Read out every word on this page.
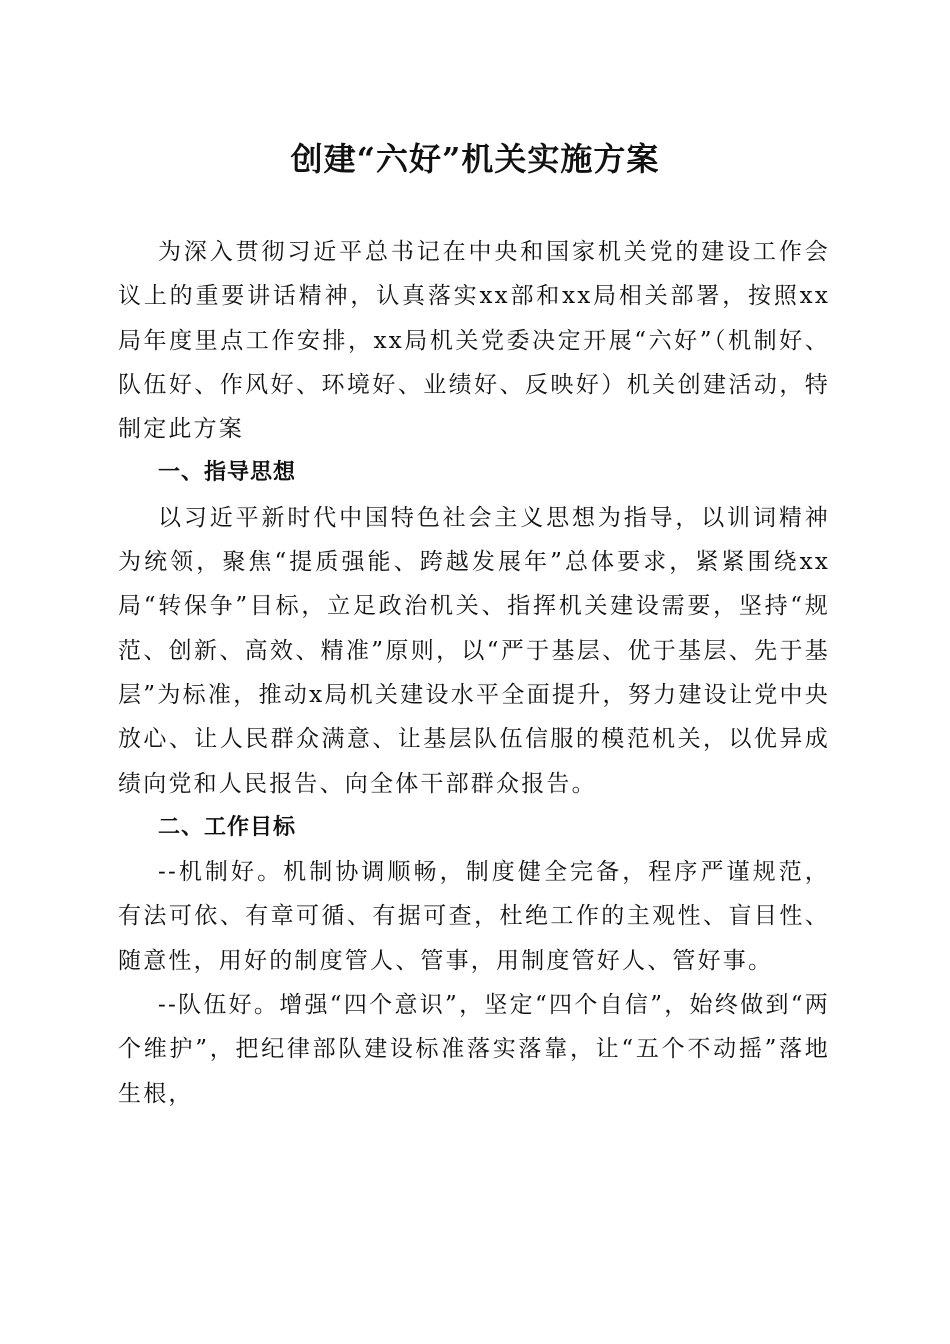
创建“六好”机关实施方案

为深入贯彻习近平总书记在中央和国家机关党的建设工作会议上的重要讲话精神，认真落实xx部和xx局相关部署，按照xx局年度里点工作安排，xx局机关党委决定开展“六好”（机制好、队伍好、作风好、环境好、业绩好、反映好）机关创建活动，特制定此方案

一、指导思想

以习近平新时代中国特色社会主义思想为指导，以训词精神为统领，聚焦“提质强能、跨越发展年”总体要求，紧紧围绕xx局“转保争”目标，立足政治机关、指挥机关建设需要，坚持“规范、创新、高效、精准”原则，以“严于基层、优于基层、先于基层”为标准，推动x局机关建设水平全面提升，努力建设让党中央放心、让人民群众满意、让基层队伍信服的模范机关，以优异成绩向党和人民报告、向全体干部群众报告。

二、工作目标

--机制好。机制协调顺畅，制度健全完备，程序严谨规范，有法可依、有章可循、有据可查，杜绝工作的主观性、盲目性、随意性，用好的制度管人、管事，用制度管好人、管好事。

--队伍好。增强“四个意识”，坚定“四个自信”，始终做到“两个维护”，把纪律部队建设标准落实落靠，让“五个不动摇”落地生根，
